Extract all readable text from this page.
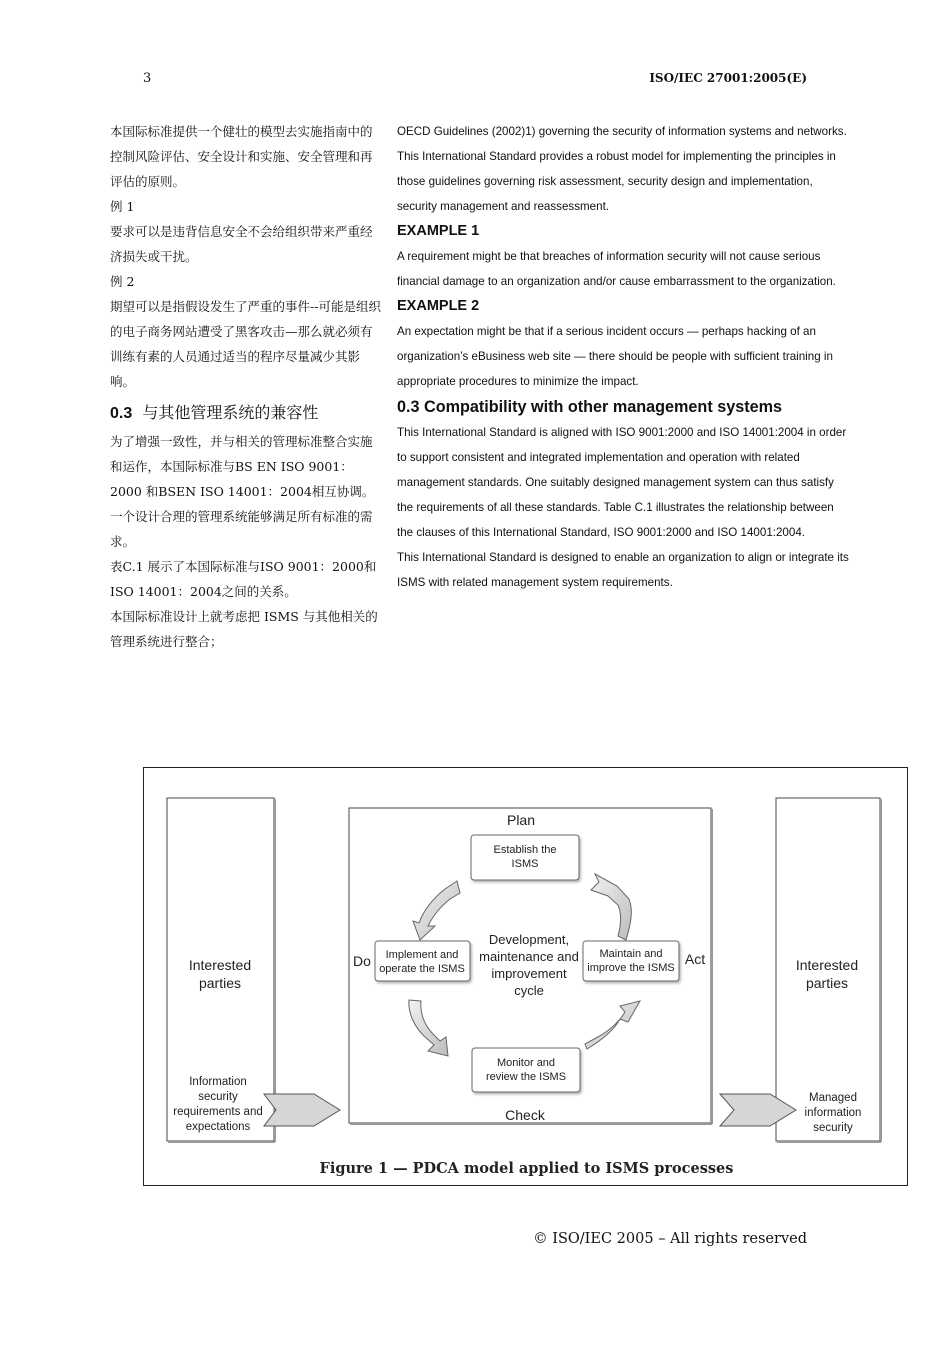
3	ISO/IEC 27001:2005(E)

本国际标准提供一个健壮的模型去实施指南中的控制风险评估、安全设计和实施、安全管理和再评估的原则。

例 1

要求可以是违背信息安全不会给组织带来严重经济损失或干扰。

例 2

期望可以是指假设发生了严重的事件--可能是组织的电子商务网站遭受了黑客攻击—那么就必须有训练有素的人员通过适当的程序尽量减少其影响。

0.3 与其他管理系统的兼容性

为了增强一致性，并与相关的管理标准整合实施和运作，本国际标准与BS EN ISO 9001：2000 和BSEN ISO 14001：2004相互协调。一个设计合理的管理系统能够满足所有标准的需求。

表C.1 展示了本国际标准与ISO 9001：2000和ISO 14001：2004之间的关系。

本国际标准设计上就考虑把 ISMS 与其他相关的管理系统进行整合；

OECD Guidelines (2002)1) governing the security of information systems and networks. This International Standard provides a robust model for implementing the principles in those guidelines governing risk assessment, security design and implementation, security management and reassessment.

EXAMPLE 1

A requirement might be that breaches of information security will not cause serious financial damage to an organization and/or cause embarrassment to the organization.

EXAMPLE 2

An expectation might be that if a serious incident occurs — perhaps hacking of an organization’s eBusiness web site — there should be people with sufficient training in appropriate procedures to minimize the impact.

0.3 Compatibility with other management systems

This International Standard is aligned with ISO 9001:2000 and ISO 14001:2004 in order to support consistent and integrated implementation and operation with related management standards. One suitably designed management system can thus satisfy the requirements of all these standards. Table C.1 illustrates the relationship between the clauses of this International Standard, ISO 9001:2000 and ISO 14001:2004.

This International Standard is designed to enable an organization to align or integrate its ISMS with related management system requirements.

Interested
parties
Information
security
requirements and
expectations
Interested
parties
Managed
information
security
Plan
Do	Act
Check
Establish the
ISMS
Implement and
operate the ISMS
Maintain and
improve the ISMS
Monitor and
review the ISMS
Development,
maintenance and
improvement
cycle
Figure 1 — PDCA model applied to ISMS processes
© ISO/IEC 2005 – All rights reserved
